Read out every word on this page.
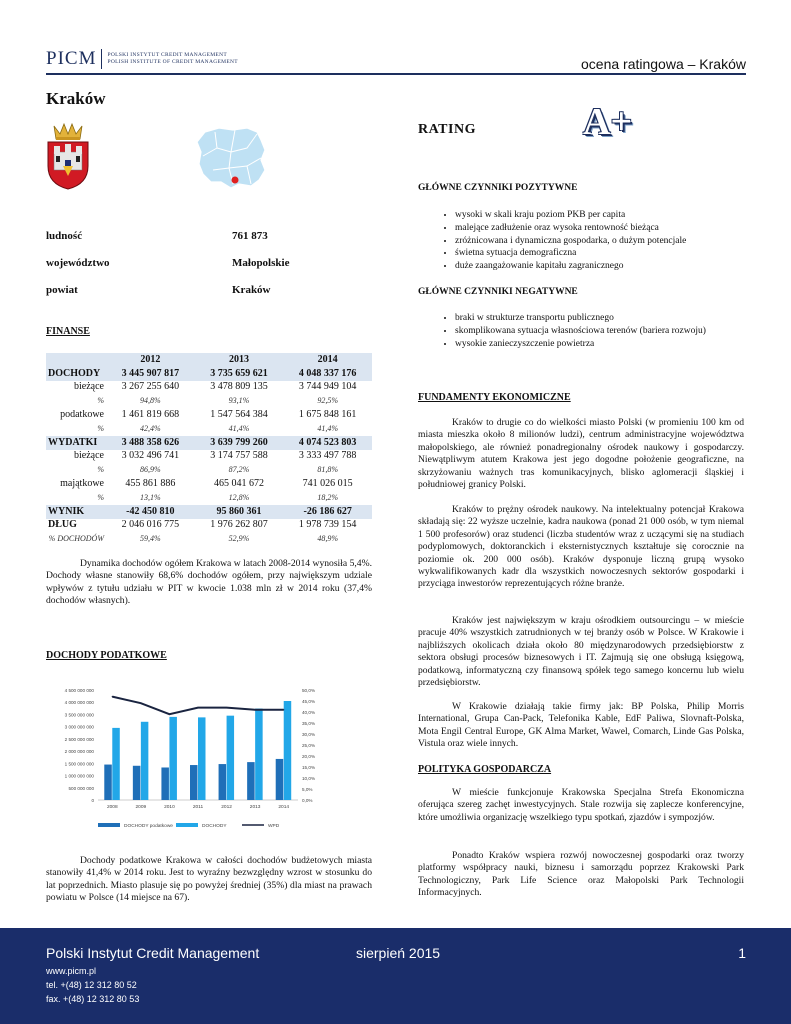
PICM POLSKI INSTYTUT CREDIT MANAGEMENT
POLISH INSTITUTE OF CREDIT MANAGEMENT	ocena ratingowa – Kraków
Kraków
ludność	761 873
województwo	Małopolskie
powiat	Kraków
FINANSE
	2012	2013	2014
DOCHODY	3 445 907 817	3 735 659 621	4 048 337 176
bieżące	3 267 255 640	3 478 809 135	3 744 949 104
%	94,8%	93,1%	92,5%
podatkowe	1 461 819 668	1 547 564 384	1 675 848 161
%	42,4%	41,4%	41,4%
WYDATKI	3 488 358 626	3 639 799 260	4 074 523 803
bieżące	3 032 496 741	3 174 757 588	3 333 497 788
%	86,9%	87,2%	81,8%
majątkowe	455 861 886	465 041 672	741 026 015
%	13,1%	12,8%	18,2%
WYNIK	-42 450 810	95 860 361	-26 186 627
DŁUG	2 046 016 775	1 976 262 807	1 978 739 154
% DOCHODÓW	59,4%	52,9%	48,9%
Dynamika dochodów ogółem Krakowa w latach 2008-2014 wynosiła 5,4%. Dochody własne stanowiły 68,6% dochodów ogółem, przy największym udziale wpływów z tytułu udziału w PIT w kwocie 1.038 mln zł w 2014 roku (37,4% dochodów własnych).
DOCHODY PODATKOWE
0
500 000 000
1 000 000 000
1 500 000 000
2 000 000 000
2 500 000 000
3 000 000 000
3 500 000 000
4 000 000 000
4 500 000 000
0,0%
5,0%
10,0%
15,0%
20,0%
25,0%
30,0%
35,0%
40,0%
45,0%
50,0%
2008	2009	2010	2011	2012	2013	2014
DOCHODY podatkowe	DOCHODY	WPD
Dochody podatkowe Krakowa w całości dochodów budżetowych miasta stanowiły 41,4% w 2014 roku. Jest to wyraźny bezwzględny wzrost w stosunku do lat poprzednich. Miasto plasuje się po powyżej średniej (35%) dla miast na prawach powiatu w Polsce (14 miejsce na 67).
RATING	A+
GŁÓWNE CZYNNIKI POZYTYWNE
• wysoki w skali kraju poziom PKB per capita
• malejące zadłużenie oraz wysoka rentowność bieżąca
• zróżnicowana i dynamiczna gospodarka, o dużym potencjale
• świetna sytuacja demograficzna
• duże zaangażowanie kapitału zagranicznego
GŁÓWNE CZYNNIKI NEGATYWNE
• braki w strukturze transportu publicznego
• skomplikowana sytuacja własnościowa terenów (bariera rozwoju)
• wysokie zanieczyszczenie powietrza
FUNDAMENTY EKONOMICZNE
Kraków to drugie co do wielkości miasto Polski (w promieniu 100 km od miasta mieszka około 8 milionów ludzi), centrum administracyjne województwa małopolskiego, ale również ponadregionalny ośrodek naukowy i gospodarczy. Niewątpliwym atutem Krakowa jest jego dogodne położenie geograficzne, na skrzyżowaniu ważnych tras komunikacyjnych, blisko aglomeracji śląskiej i południowej granicy Polski.
Kraków to prężny ośrodek naukowy. Na intelektualny potencjał Krakowa składają się: 22 wyższe uczelnie, kadra naukowa (ponad 21 000 osób, w tym niemal 1 500 profesorów) oraz studenci (liczba studentów wraz z uczącymi się na studiach podyplomowych, doktoranckich i eksternistycznych kształtuje się corocznie na poziomie ok. 200 000 osób). Kraków dysponuje liczną grupą wysoko wykwalifikowanych kadr dla wszystkich nowoczesnych sektorów gospodarki i przyciąga inwestorów reprezentujących różne branże.
Kraków jest największym w kraju ośrodkiem outsourcingu – w mieście pracuje 40% wszystkich zatrudnionych w tej branży osób w Polsce. W Krakowie i najbliższych okolicach działa około 80 międzynarodowych przedsiębiorstw z sektora obsługi procesów biznesowych i IT. Zajmują się one obsługą księgową, podatkową, informatyczną czy finansową spółek tego samego koncernu lub wielu przedsiębiorstw.
W Krakowie działają takie firmy jak: BP Polska, Philip Morris International, Grupa Can-Pack, Telefonika Kable, EdF Paliwa, Slovnaft-Polska, Mota Engil Central Europe, GK Alma Market, Wawel, Comarch, Linde Gas Polska, Vistula oraz wiele innych.
POLITYKA GOSPODARCZA
W mieście funkcjonuje Krakowska Specjalna Strefa Ekonomiczna oferująca szereg zachęt inwestycyjnych. Stale rozwija się zaplecze konferencyjne, które umożliwia organizację wszelkiego typu spotkań, zjazdów i sympozjów.
Ponadto Kraków wspiera rozwój nowoczesnej gospodarki oraz tworzy platformy współpracy nauki, biznesu i samorządu poprzez Krakowski Park Technologiczny, Park Life Science oraz Małopolski Park Technologii Informacyjnych.
Polski Instytut Credit Management	sierpień 2015	1
www.picm.pl
tel. +(48) 12 312 80 52
fax. +(48) 12 312 80 53
